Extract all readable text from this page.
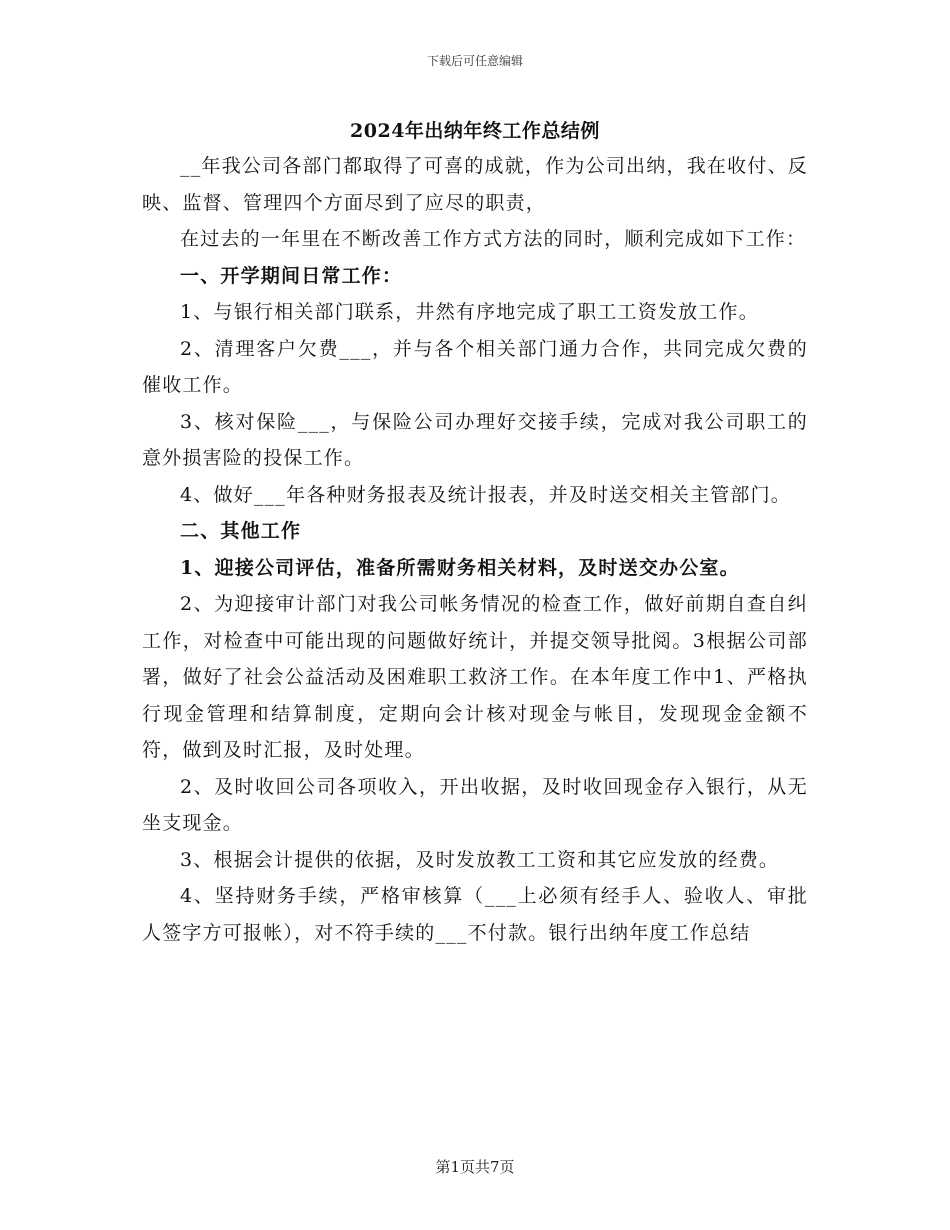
下载后可任意编辑
2024年出纳年终工作总结例

__年我公司各部门都取得了可喜的成就，作为公司出纳，我在收付、反映、监督、管理四个方面尽到了应尽的职责，

在过去的一年里在不断改善工作方式方法的同时，顺利完成如下工作：

一、开学期间日常工作：

1、与银行相关部门联系，井然有序地完成了职工工资发放工作。

2、清理客户欠费___，并与各个相关部门通力合作，共同完成欠费的催收工作。

3、核对保险___，与保险公司办理好交接手续，完成对我公司职工的意外损害险的投保工作。

4、做好___年各种财务报表及统计报表，并及时送交相关主管部门。

二、其他工作

1、迎接公司评估，准备所需财务相关材料，及时送交办公室。

2、为迎接审计部门对我公司帐务情况的检查工作，做好前期自查自纠工作，对检查中可能出现的问题做好统计，并提交领导批阅。3根据公司部署，做好了社会公益活动及困难职工救济工作。在本年度工作中1、严格执行现金管理和结算制度，定期向会计核对现金与帐目，发现现金金额不符，做到及时汇报，及时处理。

2、及时收回公司各项收入，开出收据，及时收回现金存入银行，从无坐支现金。

3、根据会计提供的依据，及时发放教工工资和其它应发放的经费。

4、坚持财务手续，严格审核算（___上必须有经手人、验收人、审批人签字方可报帐），对不符手续的___不付款。银行出纳年度工作总结

第1页共7页
